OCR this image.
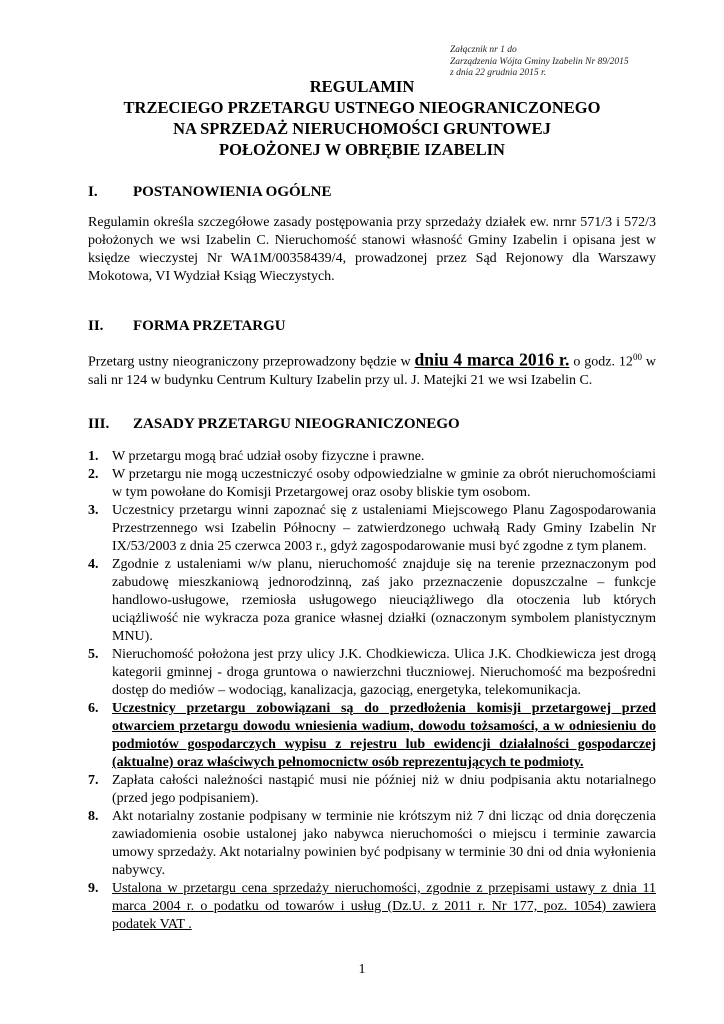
Załącznik nr 1 do
Zarządzenia Wójta Gminy Izabelin Nr 89/2015
z dnia 22 grudnia 2015 r.
REGULAMIN
TRZECIEGO PRZETARGU USTNEGO NIEOGRANICZONEGO
NA SPRZEDAŻ NIERUCHOMOŚCI GRUNTOWEJ
POŁOŻONEJ W OBRĘBIE IZABELIN
I. POSTANOWIENIA OGÓLNE
Regulamin określa szczegółowe zasady postępowania przy sprzedaży działek ew. nrnr 571/3 i 572/3 położonych we wsi Izabelin C. Nieruchomość stanowi własność Gminy Izabelin i opisana jest w księdze wieczystej Nr WA1M/00358439/4, prowadzonej przez Sąd Rejonowy dla Warszawy Mokotowa, VI Wydział Ksiąg Wieczystych.
II. FORMA PRZETARGU
Przetarg ustny nieograniczony przeprowadzony będzie w dniu 4 marca 2016 r. o godz. $12^{00}$ w sali nr 124 w budynku Centrum Kultury Izabelin przy ul. J. Matejki 21 we wsi Izabelin C.
III. ZASADY PRZETARGU NIEOGRANICZONEGO
1. W przetargu mogą brać udział osoby fizyczne i prawne.
2. W przetargu nie mogą uczestniczyć osoby odpowiedzialne w gminie za obrót nieruchomościami w tym powołane do Komisji Przetargowej oraz osoby bliskie tym osobom.
3. Uczestnicy przetargu winni zapoznać się z ustaleniami Miejscowego Planu Zagospodarowania Przestrzennego wsi Izabelin Północny – zatwierdzonego uchwałą Rady Gminy Izabelin Nr IX/53/2003 z dnia 25 czerwca 2003 r., gdyż zagospodarowanie musi być zgodne z tym planem.
4. Zgodnie z ustaleniami w/w planu, nieruchomość znajduje się na terenie przeznaczonym pod zabudowę mieszkaniową jednorodzinną, zaś jako przeznaczenie dopuszczalne – funkcje handlowo-usługowe, rzemiosła usługowego nieuciążliwego dla otoczenia lub których uciążliwość nie wykracza poza granice własnej działki (oznaczonym symbolem planistycznym MNU).
5. Nieruchomość położona jest przy ulicy J.K. Chodkiewicza. Ulica J.K. Chodkiewicza jest drogą kategorii gminnej - droga gruntowa o nawierzchni tłuczniowej. Nieruchomość ma bezpośredni dostęp do mediów – wodociąg, kanalizacja, gazociąg, energetyka, telekomunikacja.
6. Uczestnicy przetargu zobowiązani są do przedłożenia komisji przetargowej przed otwarciem przetargu dowodu wniesienia wadium, dowodu tożsamości, a w odniesieniu do podmiotów gospodarczych wypisu z rejestru lub ewidencji działalności gospodarczej (aktualne) oraz właściwych pełnomocnictw osób reprezentujących te podmioty.
7. Zapłata całości należności nastąpić musi nie później niż w dniu podpisania aktu notarialnego (przed jego podpisaniem).
8. Akt notarialny zostanie podpisany w terminie nie krótszym niż 7 dni licząc od dnia doręczenia zawiadomienia osobie ustalonej jako nabywca nieruchomości o miejscu i terminie zawarcia umowy sprzedaży. Akt notarialny powinien być podpisany w terminie 30 dni od dnia wyłonienia nabywcy.
9. Ustalona w przetargu cena sprzedaży nieruchomości, zgodnie z przepisami ustawy z dnia 11 marca 2004 r. o podatku od towarów i usług (Dz.U. z 2011 r. Nr 177, poz. 1054) zawiera podatek VAT .
1
